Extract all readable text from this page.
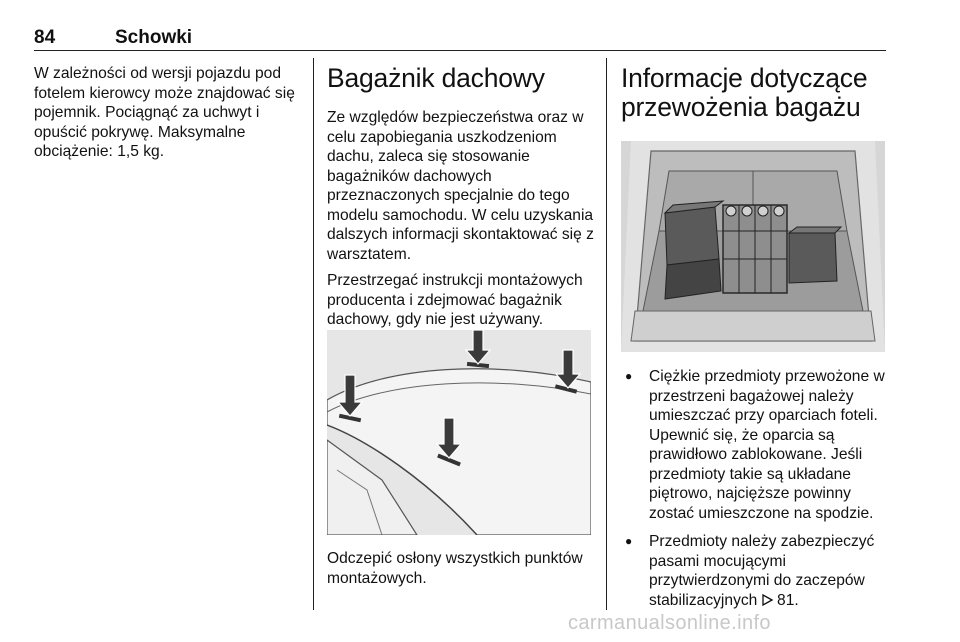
84	Schowki

W zależności od wersji pojazdu pod fotelem kierowcy może znajdować się pojemnik. Pociągnąć za uchwyt i opuścić pokrywę. Maksymalne obciążenie: 1,5 kg.

Bagażnik dachowy

Ze względów bezpieczeństwa oraz w celu zapobiegania uszkodzeniom dachu, zaleca się stosowanie bagażników dachowych przeznaczonych specjalnie do tego modelu samochodu. W celu uzyskania dalszych informacji skontaktować się z warsztatem.

Przestrzegać instrukcji montażowych producenta i zdejmować bagażnik dachowy, gdy nie jest używany.

Odczepić osłony wszystkich punktów montażowych.

Informacje dotyczące przewożenia bagażu
● Ciężkie przedmioty przewożone w przestrzeni bagażowej należy umieszczać przy oparciach foteli. Upewnić się, że oparcia są prawidłowo zablokowane. Jeśli przedmioty takie są układane piętrowo, najcięższe powinny zostać umieszczone na spodzie.
● Przedmioty należy zabezpieczyć pasami mocującymi przytwierdzonymi do zaczepów stabilizacyjnych 81.
carmanualsonline.info
